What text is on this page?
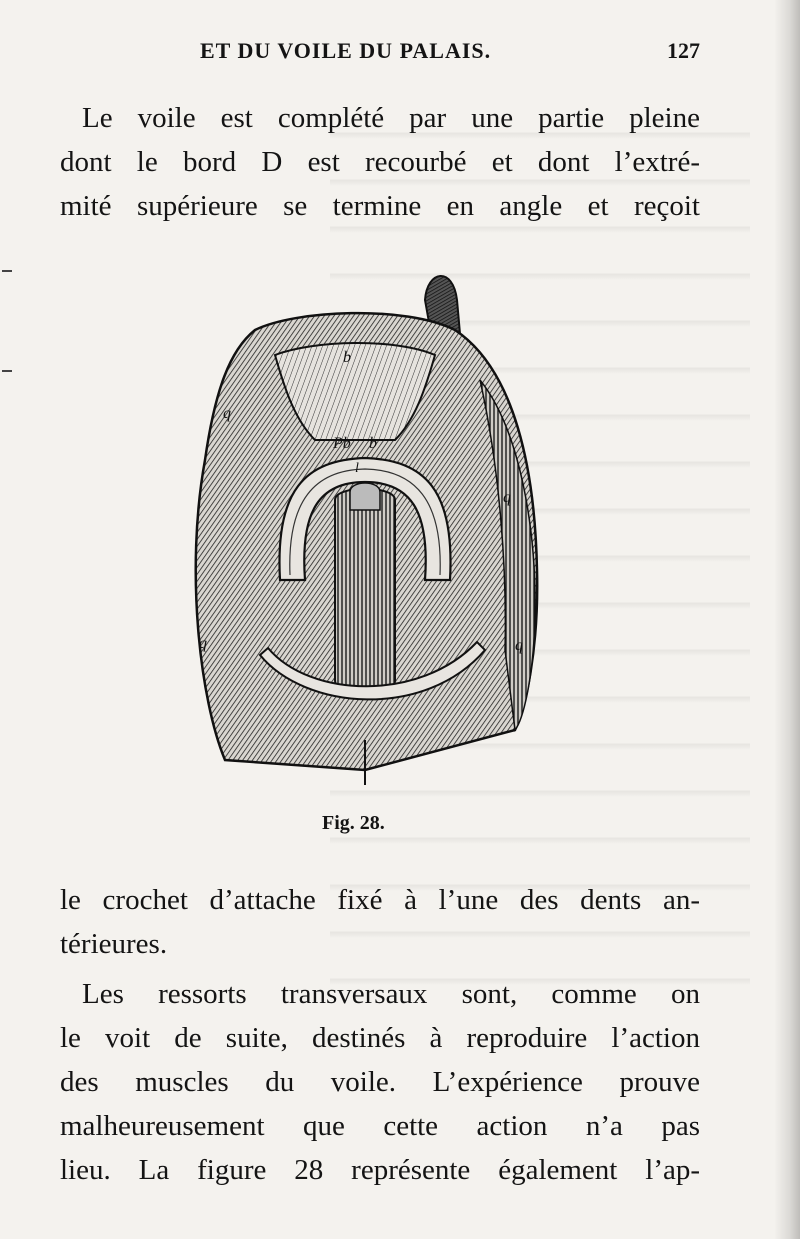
ET DU VOILE DU PALAIS.	127
Le voile est complété par une partie pleine
dont le bord D est recourbé et dont l’extré-
mité supérieure se termine en angle et reçoit
b
Pb b
l
q
q
q	q
Fig. 28.
le crochet d’attache fixé à l’une des dents an-
térieures.
Les ressorts transversaux sont, comme on
le voit de suite, destinés à reproduire l’action
des muscles du voile. L’expérience prouve
malheureusement que cette action n’a pas
lieu. La figure 28 représente également l’ap-
